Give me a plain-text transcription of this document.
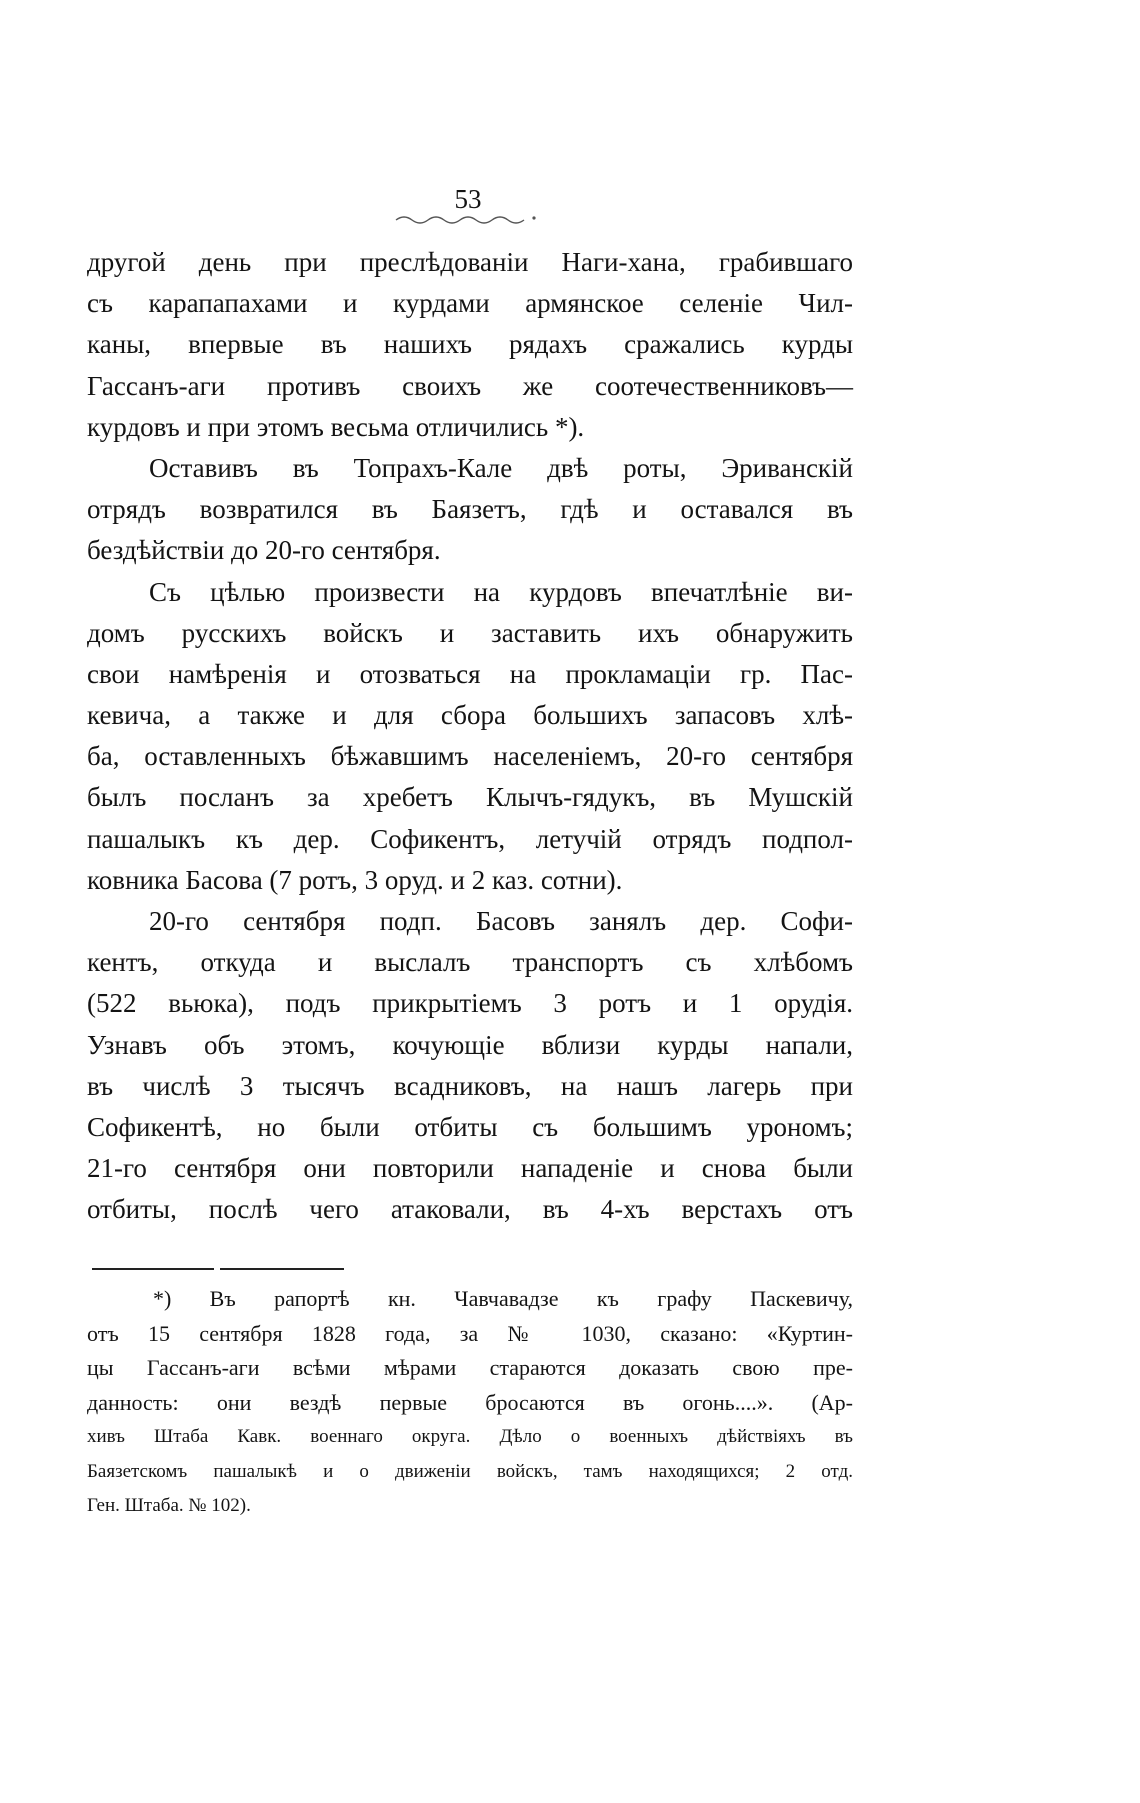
53
другой день при преслѣдованіи Наги-хана, грабившаго
съ карапапахами и курдами армянское селеніе Чил-
каны, впервые въ нашихъ рядахъ сражались курды
Гассанъ-аги противъ своихъ же соотечественниковъ—
курдовъ и при этомъ весьма отличились *).
Оставивъ въ Топрахъ-Кале двѣ роты, Эриванскій
отрядъ возвратился въ Баязетъ, гдѣ и оставался въ
бездѣйствіи до 20-го сентября.
Съ цѣлью произвести на курдовъ впечатлѣніе ви-
домъ русскихъ войскъ и заставить ихъ обнаружить
свои намѣренія и отозваться на прокламаціи гр. Пас-
кевича, а также и для сбора большихъ запасовъ хлѣ-
ба, оставленныхъ бѣжавшимъ населеніемъ, 20-го сентября
былъ посланъ за хребетъ Клычъ-гядукъ, въ Мушскій
пашалыкъ къ дер. Софикентъ, летучій отрядъ подпол-
ковника Басова (7 ротъ, 3 оруд. и 2 каз. сотни).
20-го сентября подп. Басовъ занялъ дер. Софи-
кентъ, откуда и выслалъ транспортъ съ хлѣбомъ
(522 вьюка), подъ прикрытіемъ 3 ротъ и 1 орудія.
Узнавъ объ этомъ, кочующіе вблизи курды напали,
въ числѣ 3 тысячъ всадниковъ, на нашъ лагерь при
Софикентѣ, но были отбиты съ большимъ урономъ;
21-го сентября они повторили нападеніе и снова были
отбиты, послѣ чего атаковали, въ 4-хъ верстахъ отъ
*) Въ рапортѣ кн. Чавчавадзе къ графу Паскевичу,
отъ 15 сентября 1828 года, за № 1030, сказано: «Куртин-
цы Гассанъ-аги всѣми мѣрами стараются доказать свою пре-
данность: они вездѣ первые бросаются въ огонь....». (Ар-
хивъ Штаба Кавк. военнаго округа. Дѣло о военныхъ дѣйствіяхъ въ
Баязетскомъ пашалыкѣ и о движеніи войскъ, тамъ находящихся; 2 отд.
Ген. Штаба. № 102).
